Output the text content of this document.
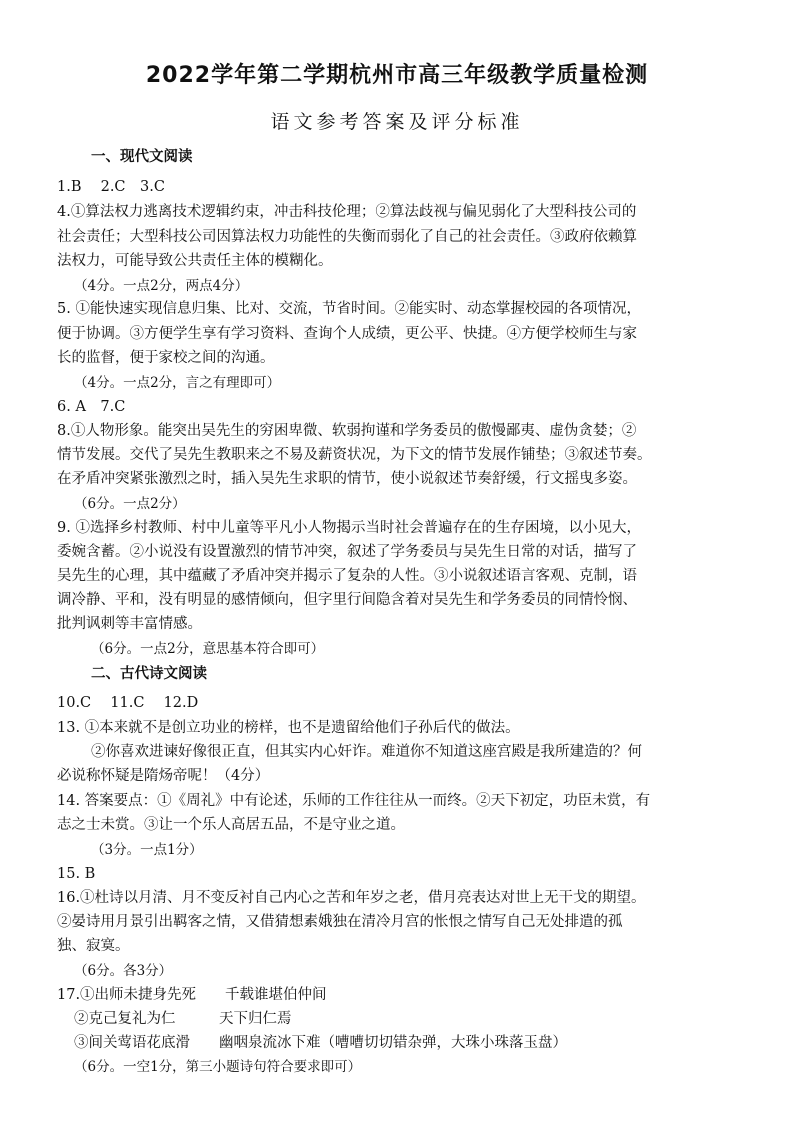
2022学年第二学期杭州市高三年级教学质量检测
语文参考答案及评分标准
一、现代文阅读
1.B　 2.C　3.C
4.①算法权力逃离技术逻辑约束，冲击科技伦理；②算法歧视与偏见弱化了大型科技公司的
社会责任；大型科技公司因算法权力功能性的失衡而弱化了自己的社会责任。③政府依赖算
法权力，可能导致公共责任主体的模糊化。
（4分。一点2分，两点4分）
5. ①能快速实现信息归集、比对、交流，节省时间。②能实时、动态掌握校园的各项情况，
便于协调。③方便学生享有学习资料、查询个人成绩，更公平、快捷。④方便学校师生与家
长的监督，便于家校之间的沟通。
（4分。一点2分，言之有理即可）
6. A　7.C
8.①人物形象。能突出吴先生的穷困卑微、软弱拘谨和学务委员的傲慢鄙夷、虚伪贪婪；②
情节发展。交代了吴先生教职来之不易及薪资状况，为下文的情节发展作铺垫；③叙述节奏。
在矛盾冲突紧张激烈之时，插入吴先生求职的情节，使小说叙述节奏舒缓，行文摇曳多姿。
（6分。一点2分）
9. ①选择乡村教师、村中儿童等平凡小人物揭示当时社会普遍存在的生存困境，以小见大，
委婉含蓄。②小说没有设置激烈的情节冲突，叙述了学务委员与吴先生日常的对话，描写了
吴先生的心理，其中蕴藏了矛盾冲突并揭示了复杂的人性。③小说叙述语言客观、克制，语
调冷静、平和，没有明显的感情倾向，但字里行间隐含着对吴先生和学务委员的同情怜悯、
批判讽刺等丰富情感。
（6分。一点2分，意思基本符合即可）
二、古代诗文阅读
10.C　 11.C　 12.D
13. ①本来就不是创立功业的榜样，也不是遗留给他们子孙后代的做法。
②你喜欢进谏好像很正直，但其实内心奸诈。难道你不知道这座宫殿是我所建造的？何
必说称怀疑是隋炀帝呢！（4分）
14. 答案要点：①《周礼》中有论述，乐师的工作往往从一而终。②天下初定，功臣未赏，有
志之士未赏。③让一个乐人高居五品，不是守业之道。
（3分。一点1分）
15. B
16.①杜诗以月清、月不变反衬自己内心之苦和年岁之老，借月亮表达对世上无干戈的期望。
②晏诗用月景引出羁客之情，又借猜想素娥独在清冷月宫的怅恨之情写自己无处排遣的孤
独、寂寞。
（6分。各3分）
17.①出师未捷身先死　　千载谁堪伯仲间
②克己复礼为仁　　　天下归仁焉
③间关莺语花底滑　　幽咽泉流冰下难（嘈嘈切切错杂弹，大珠小珠落玉盘）
（6分。一空1分，第三小题诗句符合要求即可）
